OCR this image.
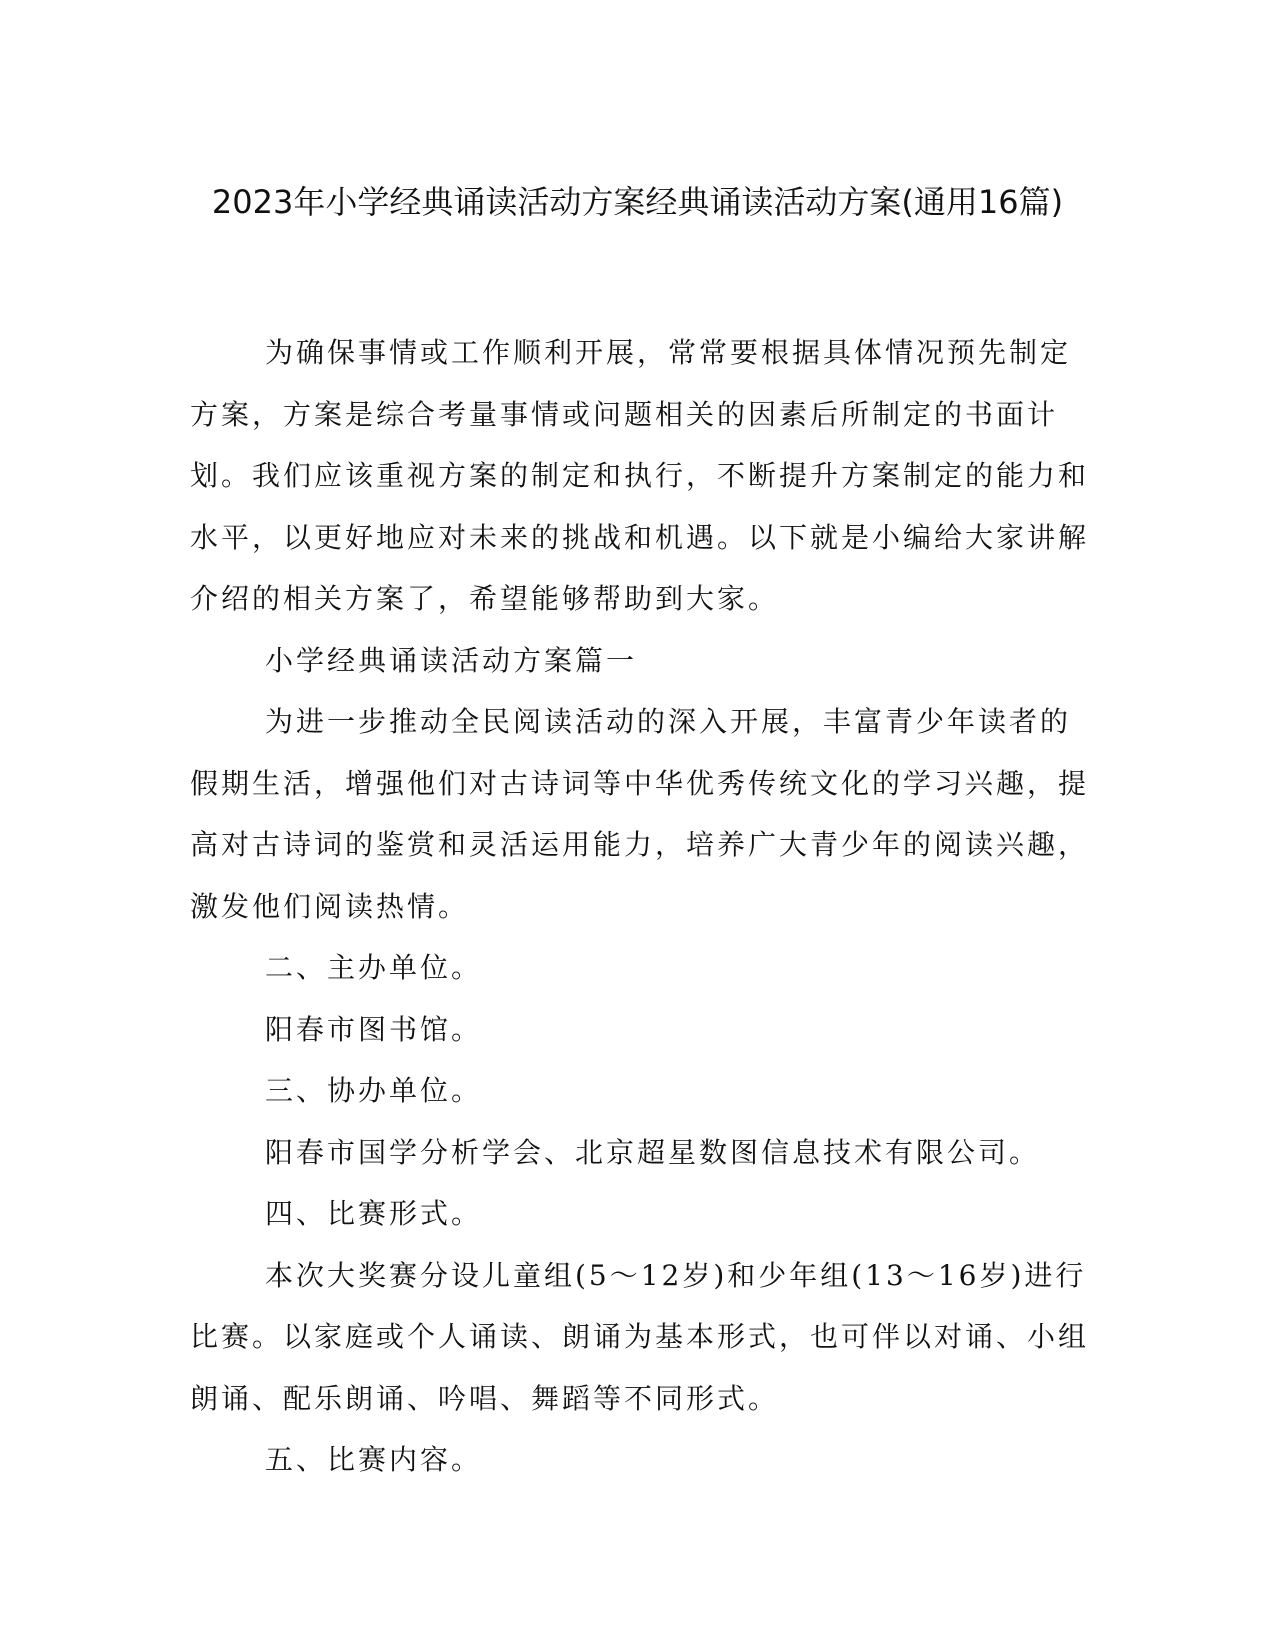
2023年小学经典诵读活动方案经典诵读活动方案(通用16篇)

为确保事情或工作顺利开展，常常要根据具体情况预先制定方案，方案是综合考量事情或问题相关的因素后所制定的书面计划。我们应该重视方案的制定和执行，不断提升方案制定的能力和水平，以更好地应对未来的挑战和机遇。以下就是小编给大家讲解介绍的相关方案了，希望能够帮助到大家。

小学经典诵读活动方案篇一

为进一步推动全民阅读活动的深入开展，丰富青少年读者的假期生活，增强他们对古诗词等中华优秀传统文化的学习兴趣，提高对古诗词的鉴赏和灵活运用能力，培养广大青少年的阅读兴趣，激发他们阅读热情。

二、主办单位。

阳春市图书馆。

三、协办单位。

阳春市国学分析学会、北京超星数图信息技术有限公司。

四、比赛形式。

本次大奖赛分设儿童组(5～12岁)和少年组(13～16岁)进行比赛。以家庭或个人诵读、朗诵为基本形式，也可伴以对诵、小组朗诵、配乐朗诵、吟唱、舞蹈等不同形式。

五、比赛内容。
